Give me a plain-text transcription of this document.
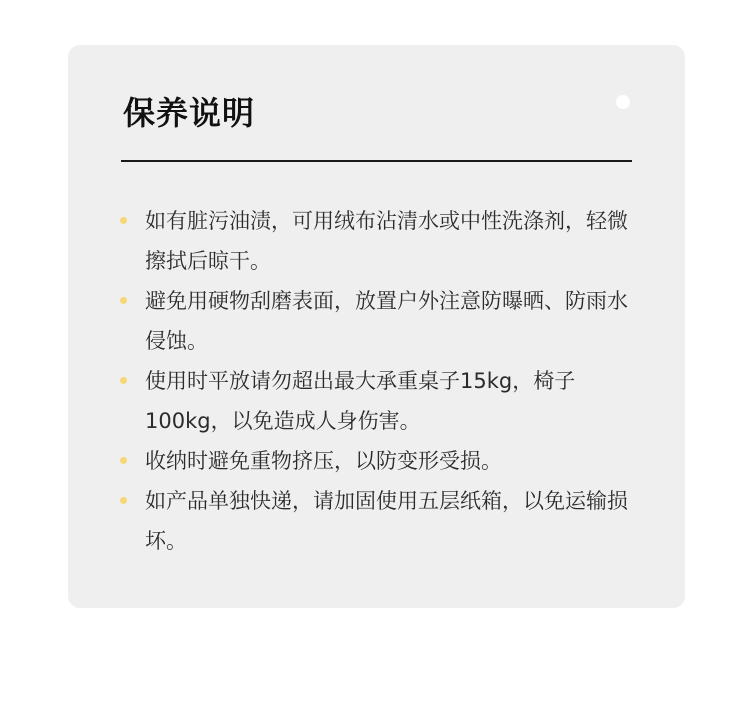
保养说明
如有脏污油渍，可用绒布沾清水或中性洗涤剂，轻微擦拭后晾干。
避免用硬物刮磨表面，放置户外注意防曝晒、防雨水侵蚀。
使用时平放请勿超出最大承重桌子15kg，椅子100kg，以免造成人身伤害。
收纳时避免重物挤压，以防变形受损。
如产品单独快递，请加固使用五层纸箱，以免运输损坏。
